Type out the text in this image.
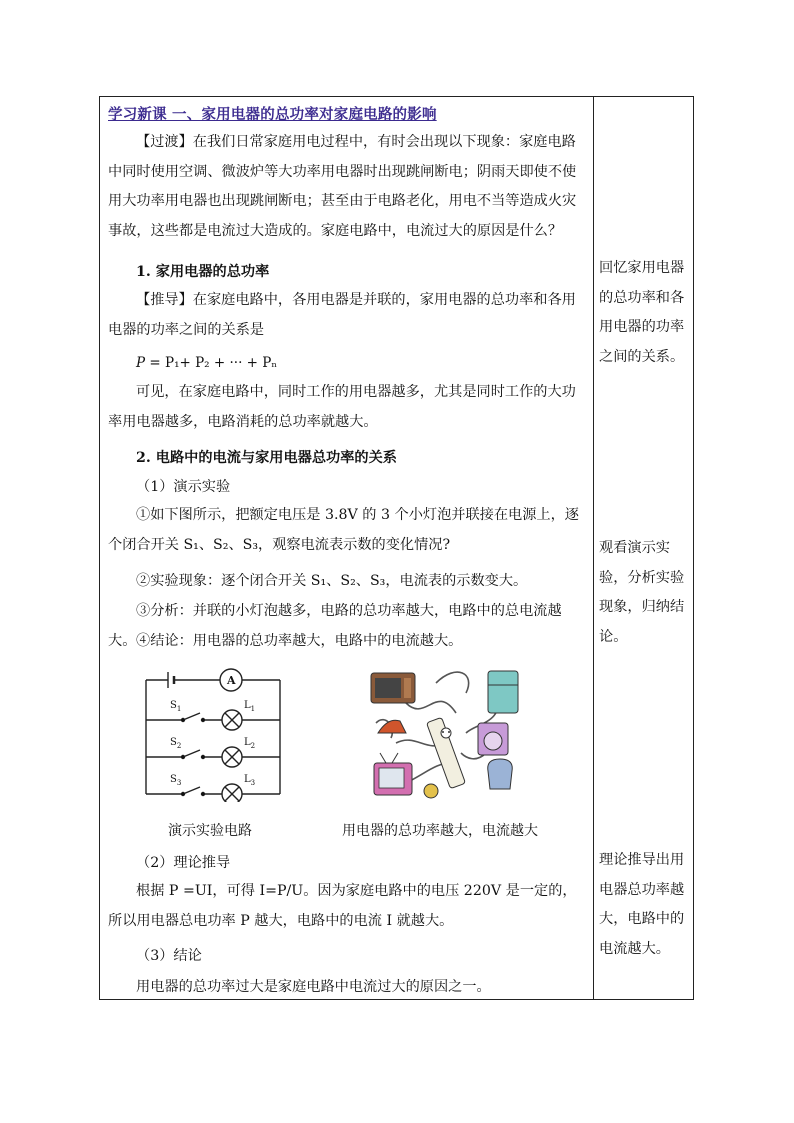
学习新课 一、家用电器的总功率对家庭电路的影响
【过渡】在我们日常家庭用电过程中，有时会出现以下现象：家庭电路中同时使用空调、微波炉等大功率用电器时出现跳闸断电；阴雨天即使不使用大功率用电器也出现跳闸断电；甚至由于电路老化，用电不当等造成火灾事故，这些都是电流过大造成的。家庭电路中，电流过大的原因是什么？
1. 家用电器的总功率
【推导】在家庭电路中，各用电器是并联的，家用电器的总功率和各用电器的功率之间的关系是
P = P₁+ P₂ + ··· + Pₙ
可见，在家庭电路中，同时工作的用电器越多，尤其是同时工作的大功率用电器越多，电路消耗的总功率就越大。
2. 电路中的电流与家用电器总功率的关系
（1）演示实验
①如下图所示，把额定电压是 3.8V 的 3 个小灯泡并联接在电源上，逐个闭合开关 S₁、S₂、S₃，观察电流表示数的变化情况?
②实验现象：逐个闭合开关 S₁、S₂、S₃，电流表的示数变大。
③分析：并联的小灯泡越多，电路的总功率越大，电路中的总电流越大。 ④结论：用电器的总功率越大，电路中的电流越大。
A
$S_1$
$S_2$
$S_3$
$L_1$
$L_2$
$L_3$
演示实验电路	用电器的总功率越大，电流越大
（2）理论推导
根据 P =UI，可得 I=P/U。因为家庭电路中的电压 220V 是一定的，所以用电器总电功率 P 越大，电路中的电流 I 就越大。
（3）结论
用电器的总功率过大是家庭电路中电流过大的原因之一。
回忆家用电器的总功率和各用电器的功率之间的关系。
观看演示实验，分析实验现象，归纳结论。
理论推导出用电器总功率越大，电路中的电流越大。
